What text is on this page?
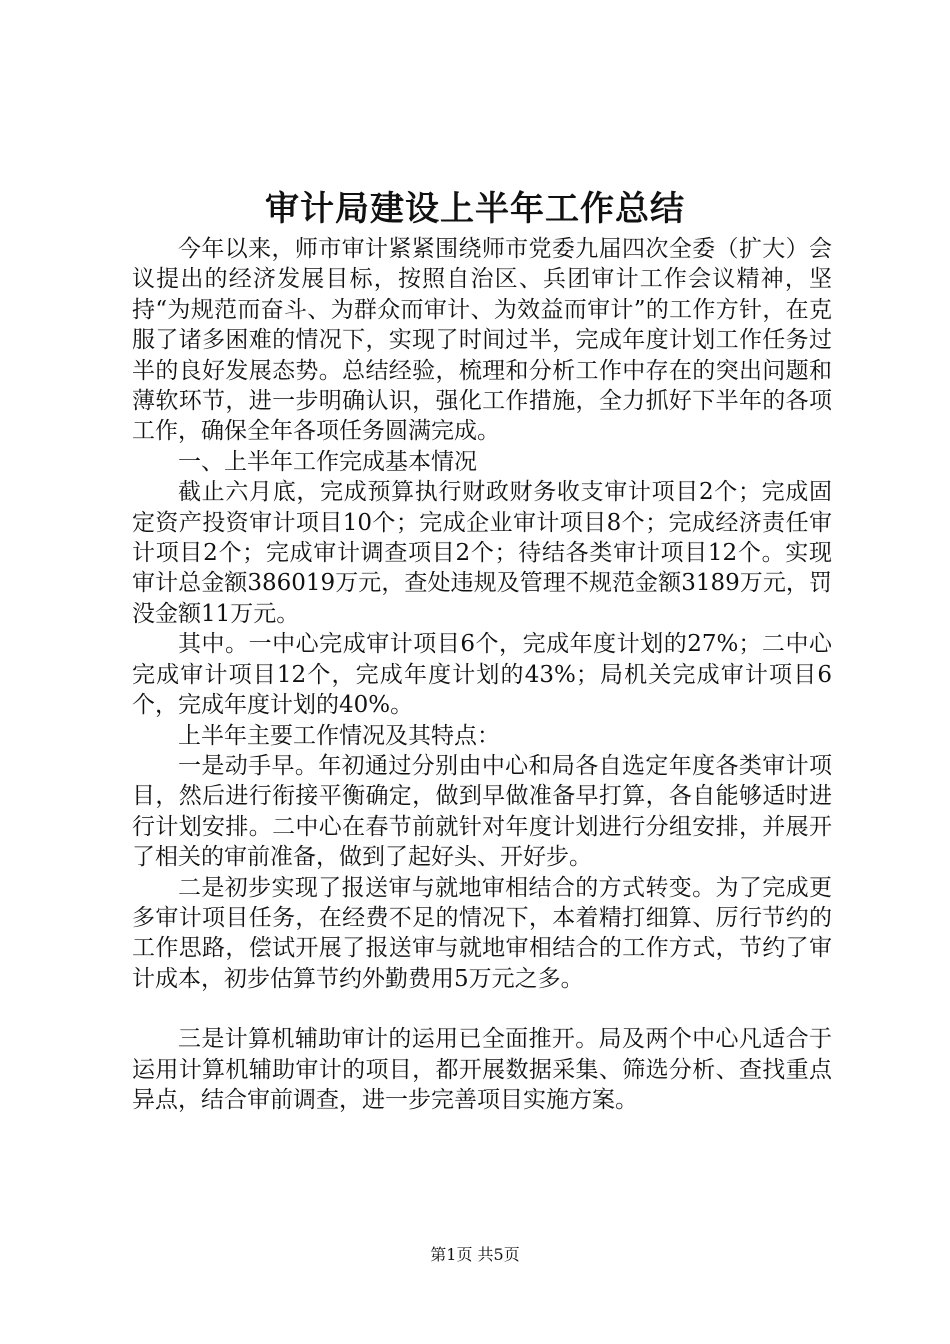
审计局建设上半年工作总结

今年以来，师市审计紧紧围绕师市党委九届四次全委（扩大）会议提出的经济发展目标，按照自治区、兵团审计工作会议精神，坚持“为规范而奋斗、为群众而审计、为效益而审计”的工作方针，在克服了诸多困难的情况下，实现了时间过半，完成年度计划工作任务过半的良好发展态势。总结经验，梳理和分析工作中存在的突出问题和薄软环节，进一步明确认识，强化工作措施，全力抓好下半年的各项工作，确保全年各项任务圆满完成。

一、上半年工作完成基本情况

截止六月底，完成预算执行财政财务收支审计项目2个；完成固定资产投资审计项目10个；完成企业审计项目8个；完成经济责任审计项目2个；完成审计调查项目2个；待结各类审计项目12个。实现审计总金额386019万元，查处违规及管理不规范金额3189万元，罚没金额11万元。

其中。一中心完成审计项目6个，完成年度计划的27%；二中心完成审计项目12个，完成年度计划的43%；局机关完成审计项目6个，完成年度计划的40%。

上半年主要工作情况及其特点：

一是动手早。年初通过分别由中心和局各自选定年度各类审计项目，然后进行衔接平衡确定，做到早做准备早打算，各自能够适时进行计划安排。二中心在春节前就针对年度计划进行分组安排，并展开了相关的审前准备，做到了起好头、开好步。

二是初步实现了报送审与就地审相结合的方式转变。为了完成更多审计项目任务，在经费不足的情况下，本着精打细算、厉行节约的工作思路，偿试开展了报送审与就地审相结合的工作方式，节约了审计成本，初步估算节约外勤费用5万元之多。

三是计算机辅助审计的运用已全面推开。局及两个中心凡适合于运用计算机辅助审计的项目，都开展数据采集、筛选分析、查找重点异点，结合审前调查，进一步完善项目实施方案。

第1页 共5页
